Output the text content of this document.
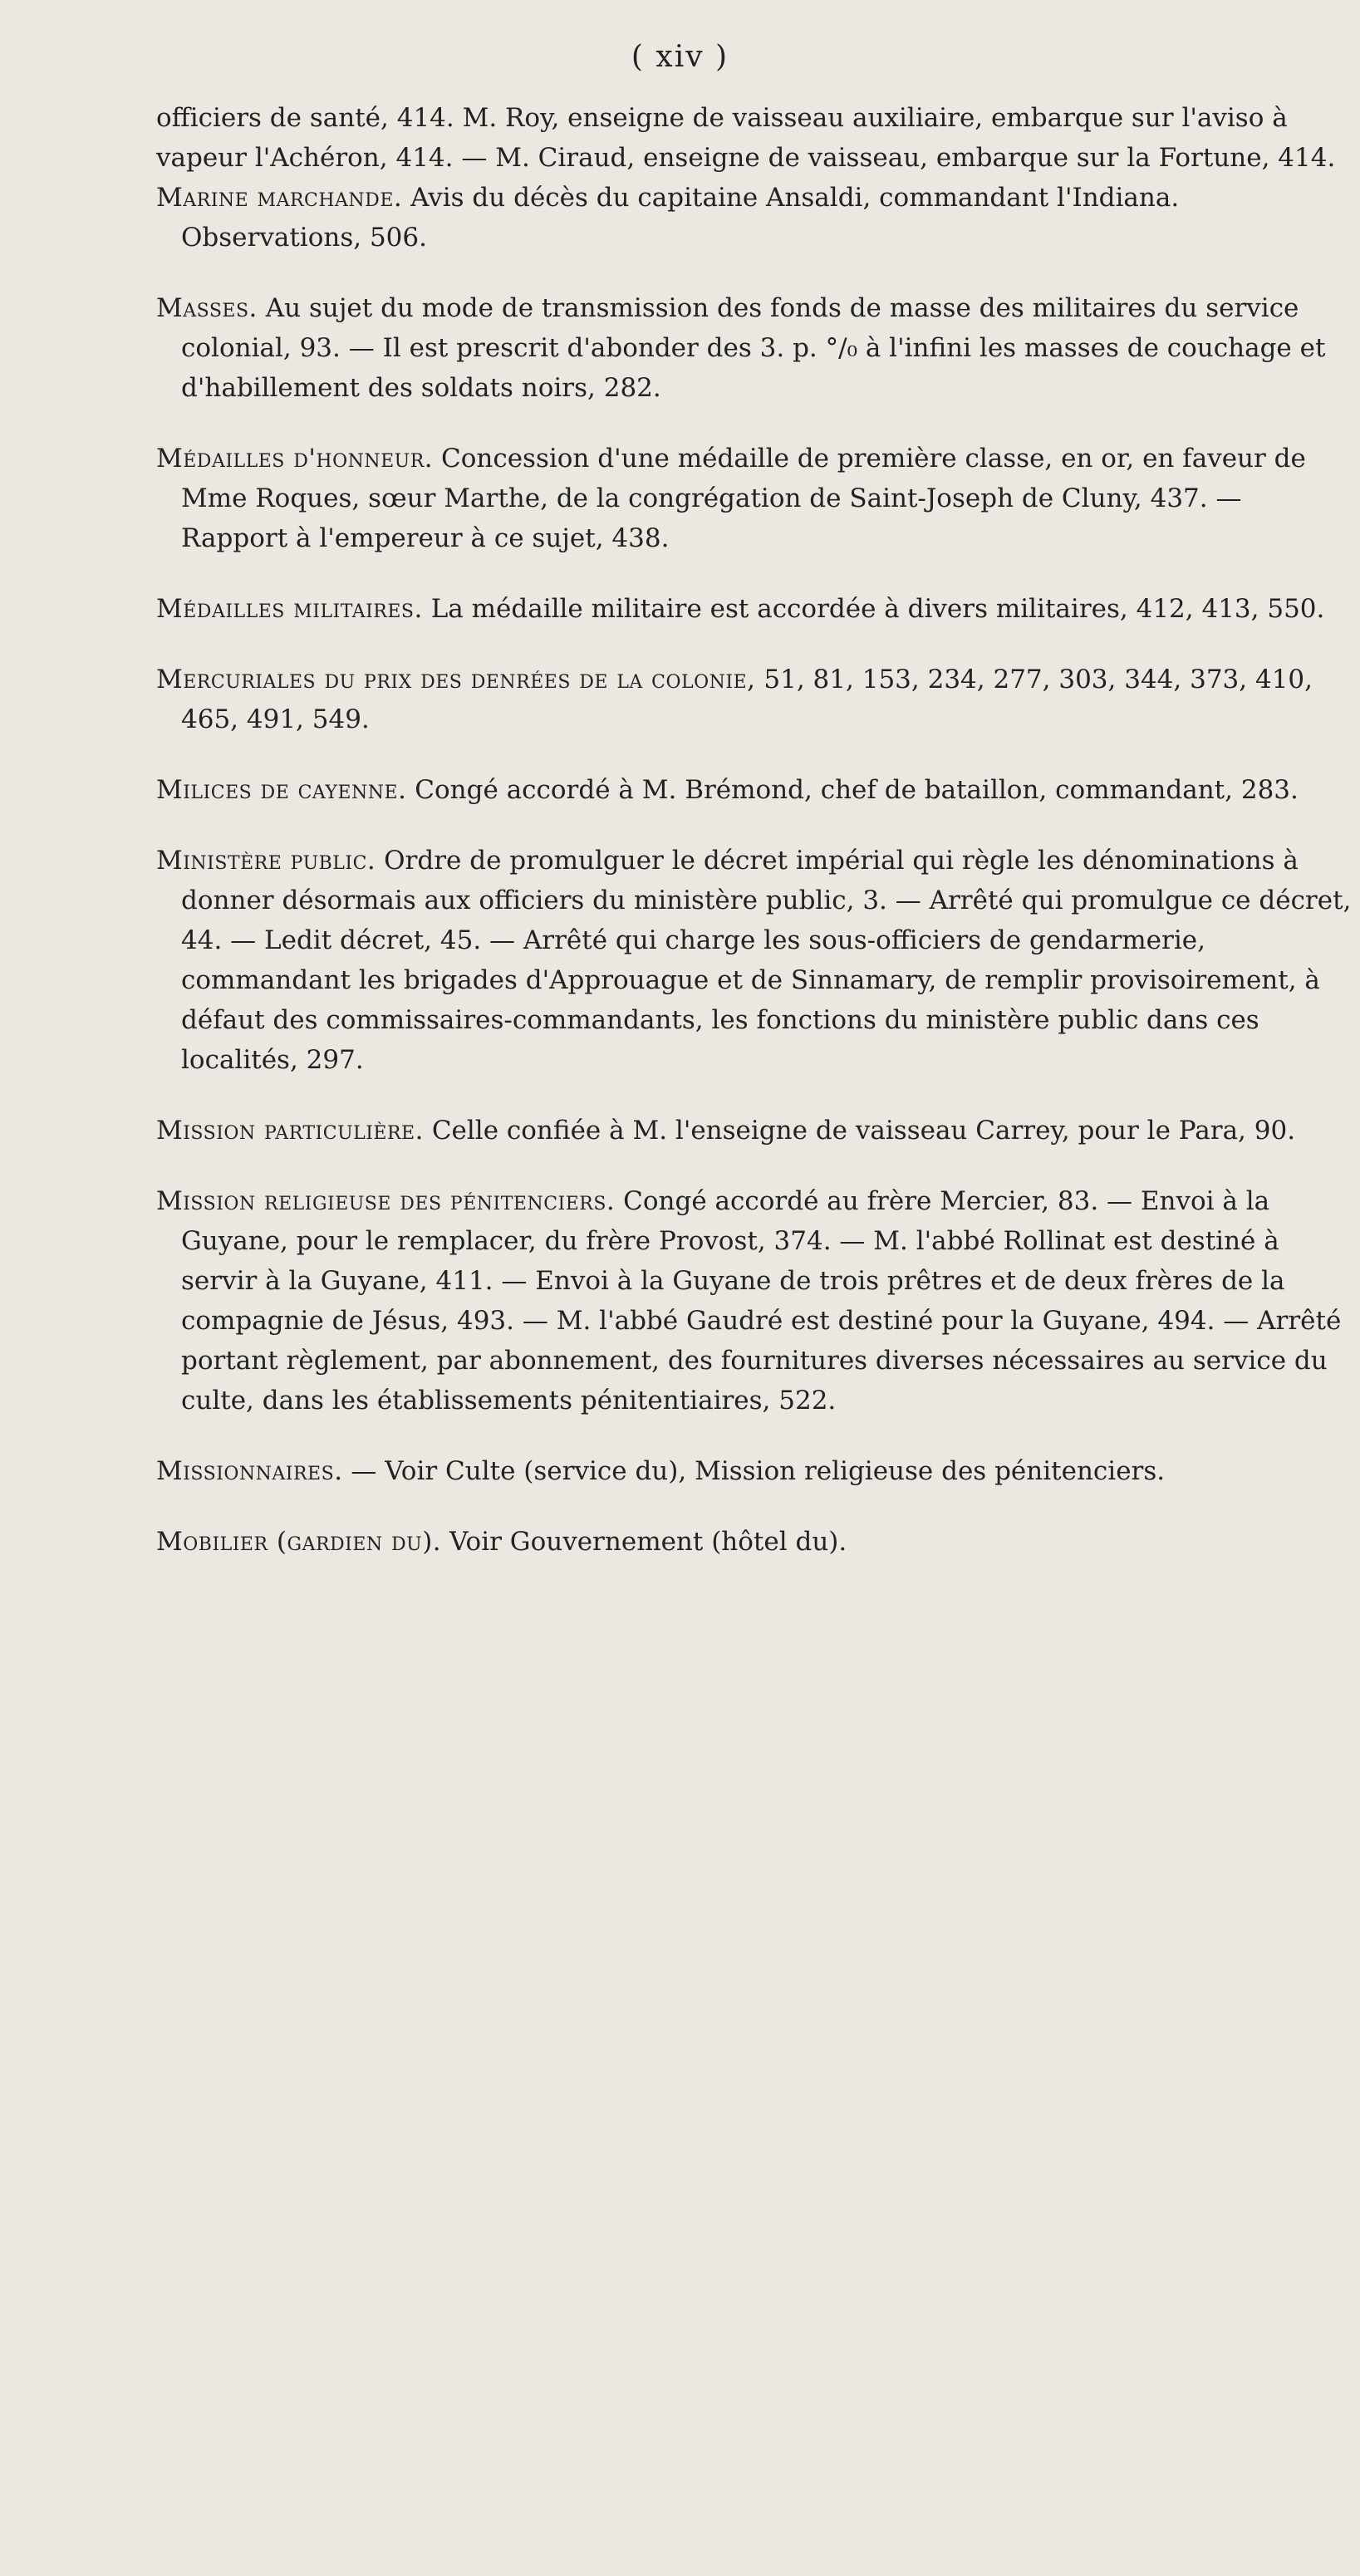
( xiv )

officiers de santé, 414. M. Roy, enseigne de vaisseau auxiliaire, embarque sur l'aviso à vapeur l'Achéron, 414. — M. Ciraud, enseigne de vaisseau, embarque sur la Fortune, 414.

Marine marchande. Avis du décès du capitaine Ansaldi, commandant l'Indiana. Observations, 506.

Masses. Au sujet du mode de transmission des fonds de masse des militaires du service colonial, 93. — Il est prescrit d'abonder des 3. p. °/₀ à l'infini les masses de couchage et d'habillement des soldats noirs, 282.

Médailles d'honneur. Concession d'une médaille de première classe, en or, en faveur de Mme Roques, sœur Marthe, de la congrégation de Saint-Joseph de Cluny, 437. — Rapport à l'empereur à ce sujet, 438.

Médailles militaires. La médaille militaire est accordée à divers militaires, 412, 413, 550.

Mercuriales du prix des denrées de la colonie, 51, 81, 153, 234, 277, 303, 344, 373, 410, 465, 491, 549.

Milices de cayenne. Congé accordé à M. Brémond, chef de bataillon, commandant, 283.

Ministère public. Ordre de promulguer le décret impérial qui règle les dénominations à donner désormais aux officiers du ministère public, 3. — Arrêté qui promulgue ce décret, 44. — Ledit décret, 45. — Arrêté qui charge les sous-officiers de gendarmerie, commandant les brigades d'Approuague et de Sinnamary, de remplir provisoirement, à défaut des commissaires-commandants, les fonctions du ministère public dans ces localités, 297.

Mission particulière. Celle confiée à M. l'enseigne de vaisseau Carrey, pour le Para, 90.

Mission religieuse des pénitenciers. Congé accordé au frère Mercier, 83. — Envoi à la Guyane, pour le remplacer, du frère Provost, 374. — M. l'abbé Rollinat est destiné à servir à la Guyane, 411. — Envoi à la Guyane de trois prêtres et de deux frères de la compagnie de Jésus, 493. — M. l'abbé Gaudré est destiné pour la Guyane, 494. — Arrêté portant règlement, par abonnement, des fournitures diverses nécessaires au service du culte, dans les établissements pénitentiaires, 522.

Missionnaires. — Voir Culte (service du), Mission religieuse des pénitenciers.

Mobilier (gardien du). Voir Gouvernement (hôtel du).
